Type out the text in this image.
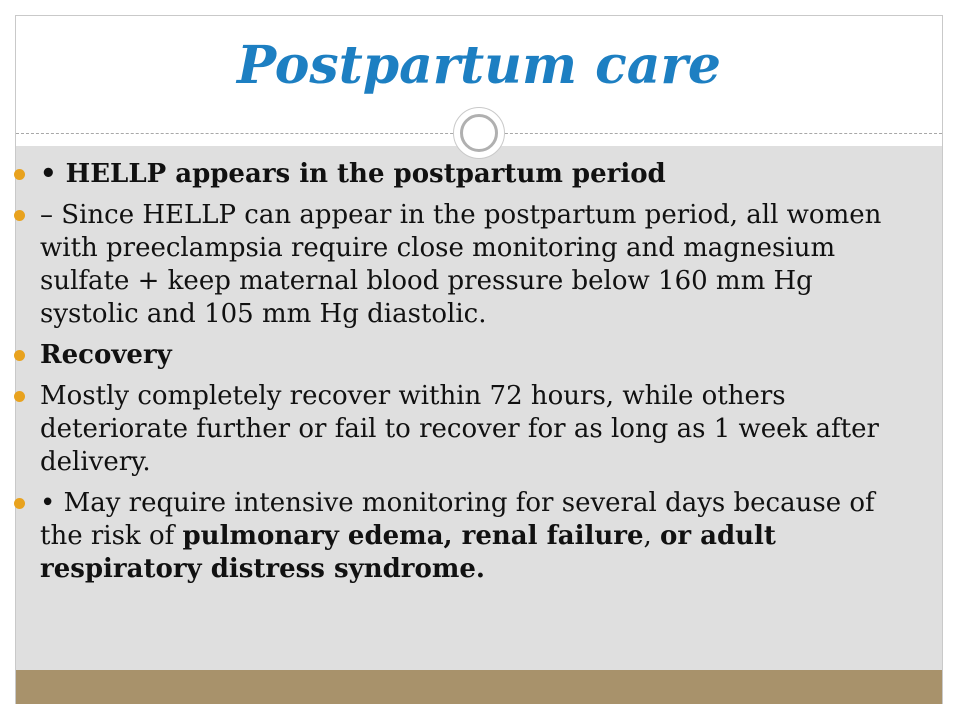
Postpartum care
• HELLP appears in the postpartum period
– Since HELLP can appear in the postpartum period, all women with preeclampsia require close monitoring and magnesium sulfate + keep maternal blood pressure below 160 mm Hg systolic and 105 mm Hg diastolic.
Recovery
Mostly completely recover within 72 hours, while others deteriorate further or fail to recover for as long as 1 week after delivery.
• May require intensive monitoring for several days because of the risk of pulmonary edema, renal failure, or adult respiratory distress syndrome.
